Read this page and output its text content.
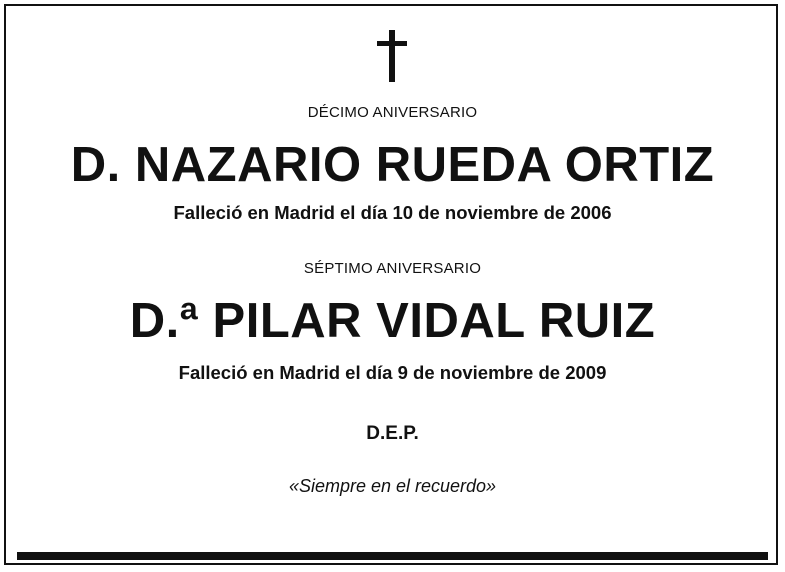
DÉCIMO ANIVERSARIO
D. NAZARIO RUEDA ORTIZ
Falleció en Madrid el día 10 de noviembre de 2006
SÉPTIMO ANIVERSARIO
D.ª PILAR VIDAL RUIZ
Falleció en Madrid el día 9 de noviembre de 2009
D.E.P.
«Siempre en el recuerdo»
